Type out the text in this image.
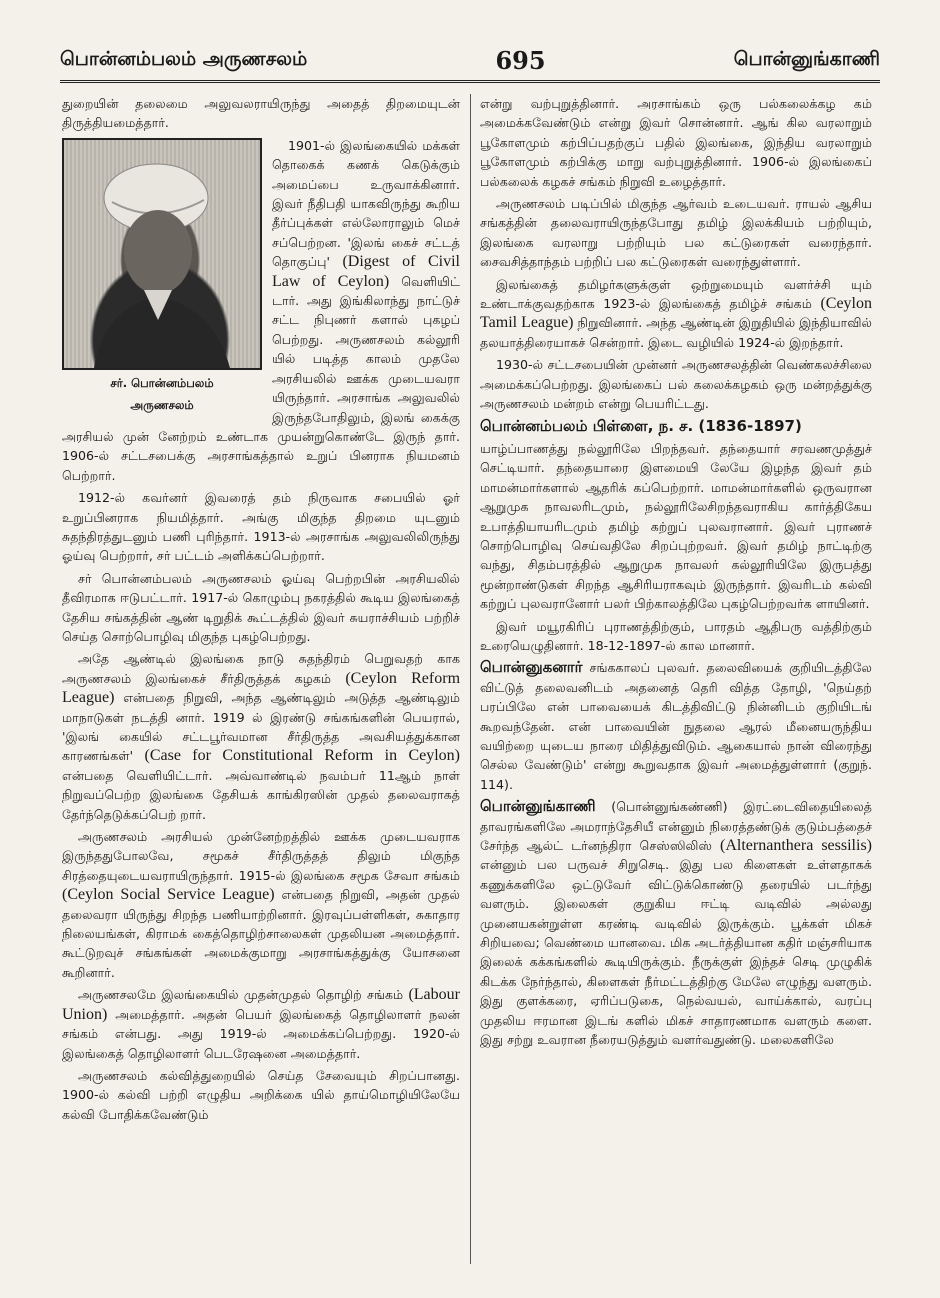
பொன்னம்பலம் அருணசலம்	695	பொன்னுங்காணி

துறையின் தலைமை அலுவலராயிருந்து அதைத் திறமையுடன் திருத்தியமைத்தார்.

சர். பொன்னம்பலம்
அருணசலம்

1901-ல் இலங்கையில் மக்கள் தொகைக் கணக் கெடுக்கும் அமைப்பை உருவாக்கினார். இவர் நீதிபதி யாகவிருந்து கூறிய தீர்ப்புக்கள் எல்லோராலும் மெச் சப்பெற்றன. 'இலங் கைச் சட்டத் தொகுப்பு' (Digest of Civil Law of Ceylon) வெளியிட் டார். அது இங்கிலாந்து நாட்டுச் சட்ட நிபுணர் களால் புகழப் பெற்றது. அருணசலம் கல்லூரி யில் படித்த காலம் முதலே அரசியலில் ஊக்க முடையவரா யிருந்தார். அரசாங்க அலுவலில் இருந்தபோதிலும், இலங் கைக்கு அரசியல் முன் னேற்றம் உண்டாக முயன்றுகொண்டே இருந் தார். 1906-ல் சட்டசபைக்கு அரசாங்கத்தால் உறுப் பினராக நியமனம் பெற்றார்.

1912-ல் கவர்னர் இவரைத் தம் நிருவாக சபையில் ஓர் உறுப்பினராக நியமித்தார். அங்கு மிகுந்த திறமை யுடனும் சுதந்திரத்துடனும் பணி புரிந்தார். 1913-ல் அரசாங்க அலுவலிலிருந்து ஓய்வு பெற்றார், சர் பட்டம் அளிக்கப்பெற்றார்.

சர் பொன்னம்பலம் அருணசலம் ஓய்வு பெற்றபின் அரசியலில் தீவிரமாக ஈடுபட்டார். 1917-ல் கொழும்பு நகரத்தில் கூடிய இலங்கைத் தேசிய சங்கத்தின் ஆண் டிறுதிக் கூட்டத்தில் இவர் சுயராச்சியம் பற்றிச் செய்த சொற்பொழிவு மிகுந்த புகழ்பெற்றது.

அதே ஆண்டில் இலங்கை நாடு சுதந்திரம் பெறுவதற் காக அருணசலம் இலங்கைச் சீர்திருத்தக் கழகம் (Ceylon Reform League) என்பதை நிறுவி, அந்த ஆண்டிலும் அடுத்த ஆண்டிலும் மாநாடுகள் நடத்தி னார். 1919 ல் இரண்டு சங்கங்களின் பெயரால், 'இலங் கையில் சட்டபூர்வமான சீர்திருத்த அவசியத்துக்கான காரணங்கள்' (Case for Constitutional Reform in Ceylon) என்பதை வெளியிட்டார். அவ்வாண்டில் நவம்பர் 11ஆம் நாள் நிறுவப்பெற்ற இலங்கை தேசியக் காங்கிரஸின் முதல் தலைவராகத் தேர்ந்தெடுக்கப்பெற் றார்.

அருணசலம் அரசியல் முன்னேற்றத்தில் ஊக்க முடையவராக இருந்ததுபோலவே, சமூகச் சீர்திருத்தத் திலும் மிகுந்த சிரத்தையுடையவராயிருந்தார். 1915-ல் இலங்கை சமூக சேவா சங்கம் (Ceylon Social Service League) என்பதை நிறுவி, அதன் முதல் தலைவரா யிருந்து சிறந்த பணியாற்றினார். இரவுப்பள்ளிகள், சுகாதார நிலையங்கள், கிராமக் கைத்தொழிற்சாலைகள் முதலியன அமைத்தார். கூட்டுறவுச் சங்கங்கள் அமைக்குமாறு அரசாங்கத்துக்கு யோசனை கூறினார்.

அருணசலமே இலங்கையில் முதன்முதல் தொழிற் சங்கம் (Labour Union) அமைத்தார். அதன் பெயர் இலங்கைத் தொழிலாளர் நலன் சங்கம் என்பது. அது 1919-ல் அமைக்கப்பெற்றது. 1920-ல் இலங்கைத் தொழிலாளர் பெடரேஷனை அமைத்தார்.

அருணசலம் கல்வித்துறையில் செய்த சேவையும் சிறப்பானது. 1900-ல் கல்வி பற்றி எழுதிய அறிக்கை யில் தாய்மொழியிலேயே கல்வி போதிக்கவேண்டும்

என்று வற்புறுத்தினார். அரசாங்கம் ஒரு பல்கலைக்கழ கம் அமைக்கவேண்டும் என்று இவர் சொன்னார். ஆங் கில வரலாறும் பூகோளமும் கற்பிப்பதற்குப் பதில் இலங்கை, இந்திய வரலாறும் பூகோளமும் கற்பிக்கு மாறு வற்புறுத்தினார். 1906-ல் இலங்கைப் பல்கலைக் கழகச் சங்கம் நிறுவி உழைத்தார்.

அருணசலம் படிப்பில் மிகுந்த ஆர்வம் உடையவர். ராயல் ஆசிய சங்கத்தின் தலைவராயிருந்தபோது தமிழ் இலக்கியம் பற்றியும், இலங்கை வரலாறு பற்றியும் பல கட்டுரைகள் வரைந்தார். சைவசித்தாந்தம் பற்றிப் பல கட்டுரைகள் வரைந்துள்ளார்.

இலங்கைத் தமிழர்களுக்குள் ஒற்றுமையும் வளர்ச்சி யும் உண்டாக்குவதற்காக 1923-ல் இலங்கைத் தமிழ்ச் சங்கம் (Ceylon Tamil League) நிறுவினார். அந்த ஆண்டின் இறுதியில் இந்தியாவில் தலயாத்திரையாகச் சென்றார். இடை வழியில் 1924-ல் இறந்தார்.

1930-ல் சட்டசபையின் முன்னர் அருணசலத்தின் வெண்கலச்சிலை அமைக்கப்பெற்றது. இலங்கைப் பல் கலைக்கழகம் ஒரு மன்றத்துக்கு அருணசலம் மன்றம் என்று பெயரிட்டது.

பொன்னம்பலம் பிள்ளை, ந. ச. (1836-1897)

யாழ்ப்பாணத்து நல்லூரிலே பிறந்தவர். தந்தையார் சரவணமுத்துச் செட்டியார். தந்தையாரை இளமையி லேயே இழந்த இவர் தம் மாமன்மார்களால் ஆதரிக் கப்பெற்றார். மாமன்மார்களில் ஒருவரான ஆறுமுக நாவலரிடமும், நல்லூரிலேசிறந்தவராகிய கார்த்திகேய உபாத்தியாயரிடமும் தமிழ் கற்றுப் புலவரானார். இவர் புராணச் சொற்பொழிவு செய்வதிலே சிறப்புற்றவர். இவர் தமிழ் நாட்டிற்கு வந்து, சிதம்பரத்தில் ஆறுமுக நாவலர் கல்லூரியிலே இருபத்து மூன்றாண்டுகள் சிறந்த ஆசிரியராகவும் இருந்தார். இவரிடம் கல்வி கற்றுப் புலவரானோர் பலர் பிற்காலத்திலே புகழ்பெற்றவர்க ளாயினர்.

இவர் மயூரகிரிப் புராணத்திற்கும், பாரதம் ஆதிபரு வத்திற்கும் உரையெழுதினார். 18-12-1897-ல் கால மானார்.

பொன்னுகனார் சங்ககாலப் புலவர். தலைவியைக் குறியிடத்திலே விட்டுத் தலைவனிடம் அதனைத் தெரி வித்த தோழி, 'நெய்தற் பரப்பிலே என் பாவையைக் கிடத்திவிட்டு நின்னிடம் குறியிடங் கூறவந்தேன். என் பாவையின் நுதலை ஆரல் மீனையருந்திய வயிற்றை யுடைய நாரை மிதித்துவிடும். ஆகையால் நான் விரைந்து செல்ல வேண்டும்' என்று கூறுவதாக இவர் அமைத்துள்ளார் (குறுந். 114).

பொன்னுங்காணி (பொன்னுங்கண்ணி) இரட்டைவிதையிலைத் தாவரங்களிலே அமராந்தேசியீ என்னும் நிரைத்தண்டுக் குடும்பத்தைச் சேர்ந்த ஆல்ட் டர்னந்திரா செஸ்ஸிலிஸ் (Alternanthera sessilis) என்னும் பல பருவச் சிறுசெடி. இது பல கிளைகள் உள்ளதாகக் கணுக்களிலே ஒட்டுவேர் விட்டுக்கொண்டு தரையில் படர்ந்து வளரும். இலைகள் குறுகிய ஈட்டி வடிவில் அல்லது முனையகன்றுள்ள கரண்டி வடிவில் இருக்கும். பூக்கள் மிகச் சிறியவை; வெண்மை யானவை. மிக அடர்த்தியான கதிர் மஞ்சரியாக இலைக் கக்கங்களில் கூடியிருக்கும். நீருக்குள் இந்தச் செடி முழுகிக் கிடக்க நேர்ந்தால், கிளைகள் நீர்மட்டத்திற்கு மேலே எழுந்து வளரும். இது குளக்கரை, ஏரிப்படுகை, நெல்வயல், வாய்க்கால், வரப்பு முதலிய ஈரமான இடங் களில் மிகச் சாதாரணமாக வளரும் களை. இது சற்று உவரான நீரையடுத்தும் வளர்வதுண்டு. மலைகளிலே
